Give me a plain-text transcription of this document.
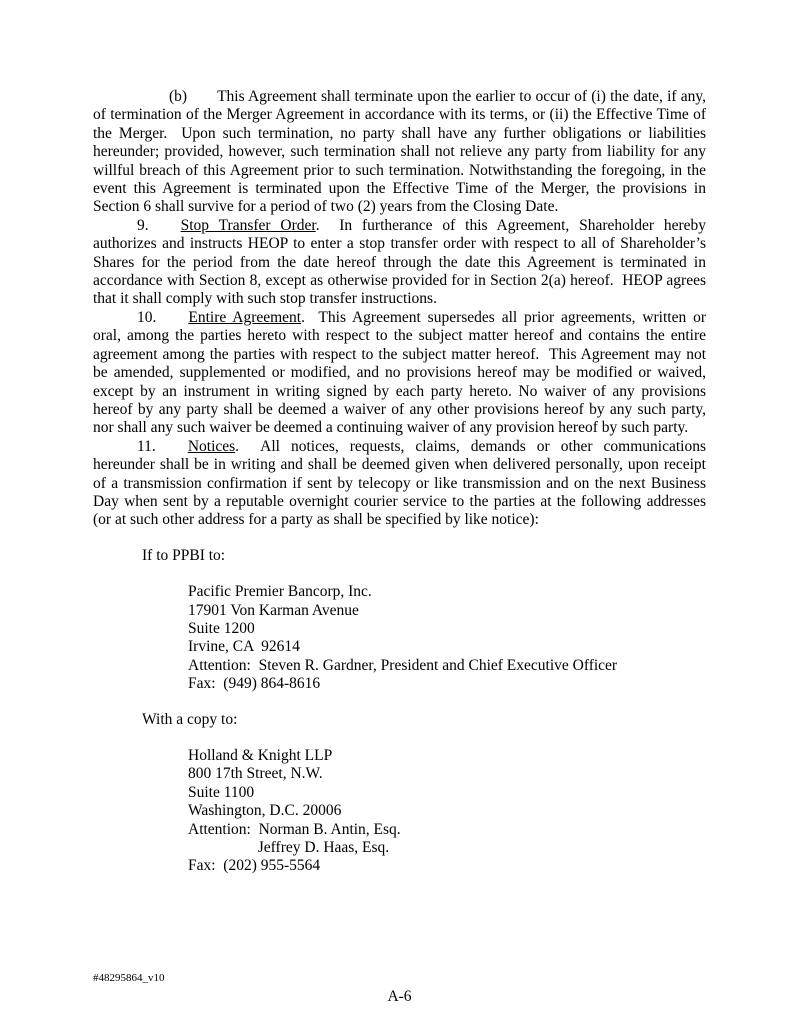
(b) This Agreement shall terminate upon the earlier to occur of (i) the date, if any, of termination of the Merger Agreement in accordance with its terms, or (ii) the Effective Time of the Merger.  Upon such termination, no party shall have any further obligations or liabilities hereunder; provided, however, such termination shall not relieve any party from liability for any willful breach of this Agreement prior to such termination. Notwithstanding the foregoing, in the event this Agreement is terminated upon the Effective Time of the Merger, the provisions in Section 6 shall survive for a period of two (2) years from the Closing Date.

9. Stop Transfer Order.  In furtherance of this Agreement, Shareholder hereby authorizes and instructs HEOP to enter a stop transfer order with respect to all of Shareholder’s Shares for the period from the date hereof through the date this Agreement is terminated in accordance with Section 8, except as otherwise provided for in Section 2(a) hereof.  HEOP agrees that it shall comply with such stop transfer instructions.

10. Entire Agreement.  This Agreement supersedes all prior agreements, written or oral, among the parties hereto with respect to the subject matter hereof and contains the entire agreement among the parties with respect to the subject matter hereof.  This Agreement may not be amended, supplemented or modified, and no provisions hereof may be modified or waived, except by an instrument in writing signed by each party hereto. No waiver of any provisions hereof by any party shall be deemed a waiver of any other provisions hereof by any such party, nor shall any such waiver be deemed a continuing waiver of any provision hereof by such party.

11. Notices.  All notices, requests, claims, demands or other communications hereunder shall be in writing and shall be deemed given when delivered personally, upon receipt of a transmission confirmation if sent by telecopy or like transmission and on the next Business Day when sent by a reputable overnight courier service to the parties at the following addresses (or at such other address for a party as shall be specified by like notice):

If to PPBI to:
Pacific Premier Bancorp, Inc.
17901 Von Karman Avenue
Suite 1200
Irvine, CA  92614
Attention:  Steven R. Gardner, President and Chief Executive Officer
Fax:  (949) 864-8616
With a copy to:
Holland & Knight LLP
800 17th Street, N.W.
Suite 1100
Washington, D.C. 20006
Attention:  Norman B. Antin, Esq.
Jeffrey D. Haas, Esq.
Fax:  (202) 955-5564
#48295864_v10
A-6
